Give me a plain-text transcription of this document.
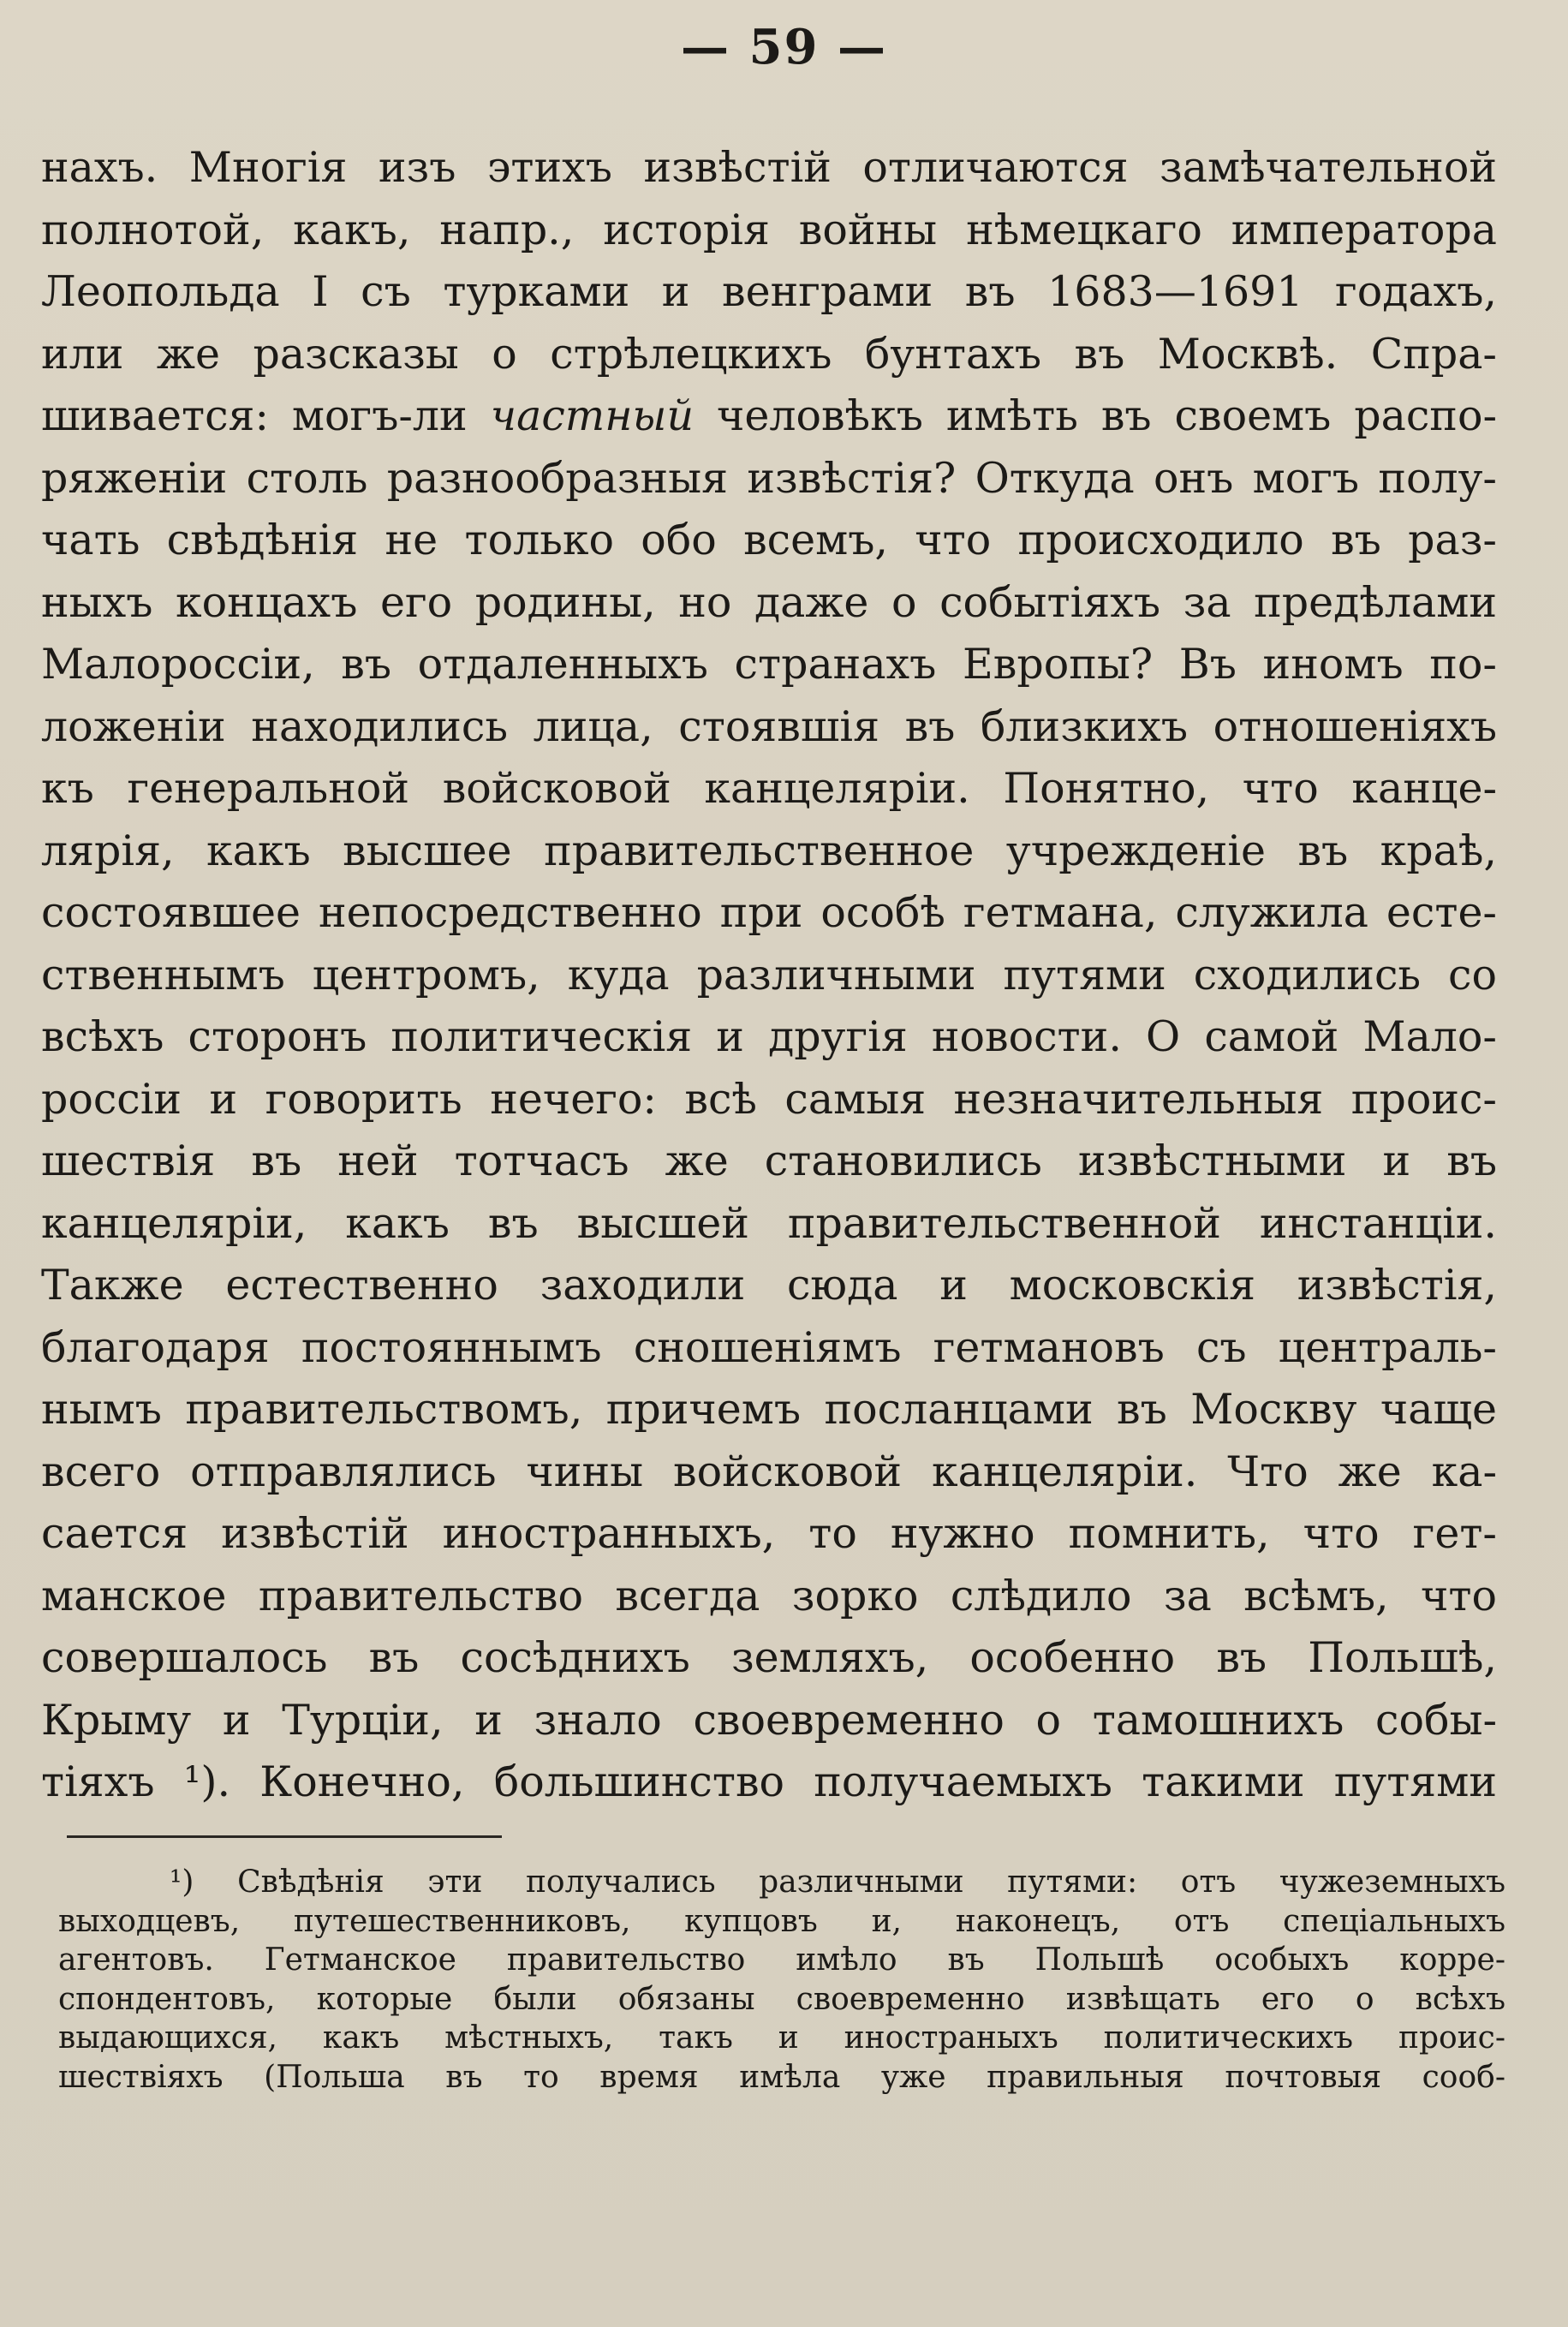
— 59 —
нахъ. Многія изъ этихъ извѣстій отличаются замѣчательной
полнотой, какъ, напр., исторія войны нѣмецкаго императора
Леопольда I съ турками и венграми въ 1683—1691 годахъ,
или же разсказы о стрѣлецкихъ бунтахъ въ Москвѣ. Спра-
шивается: могъ-ли частный человѣкъ имѣть въ своемъ распо-
ряженіи столь разнообразныя извѣстія? Откуда онъ могъ полу-
чать свѣдѣнія не только обо всемъ, что происходило въ раз-
ныхъ концахъ его родины, но даже о событіяхъ за предѣлами
Малороссіи, въ отдаленныхъ странахъ Европы? Въ иномъ по-
ложеніи находились лица, стоявшія въ близкихъ отношеніяхъ
къ генеральной войсковой канцеляріи. Понятно, что канце-
лярія, какъ высшее правительственное учрежденіе въ краѣ,
состоявшее непосредственно при особѣ гетмана, служила есте-
ственнымъ центромъ, куда различными путями сходились со
всѣхъ сторонъ политическія и другія новости. О самой Мало-
россіи и говорить нечего: всѣ самыя незначительныя проис-
шествія въ ней тотчасъ же становились извѣстными и въ
канцеляріи, какъ въ высшей правительственной инстанціи.
Также естественно заходили сюда и московскія извѣстія,
благодаря постояннымъ сношеніямъ гетмановъ съ централь-
нымъ правительствомъ, причемъ посланцами въ Москву чаще
всего отправлялись чины войсковой канцеляріи. Что же ка-
сается извѣстій иностранныхъ, то нужно помнить, что гет-
манское правительство всегда зорко слѣдило за всѣмъ, что
совершалось въ сосѣднихъ земляхъ, особенно въ Польшѣ,
Крыму и Турціи, и знало своевременно о тамошнихъ собы-
тіяхъ ¹). Конечно, большинство получаемыхъ такими путями
¹) Свѣдѣнія эти получались различными путями: отъ чужеземныхъ
выходцевъ, путешественниковъ, купцовъ и, наконецъ, отъ спеціальныхъ
агентовъ. Гетманское правительство имѣло въ Польшѣ особыхъ корре-
спондентовъ, которые были обязаны своевременно извѣщать его о всѣхъ
выдающихся, какъ мѣстныхъ, такъ и иностраныхъ политическихъ проис-
шествіяхъ (Польша въ то время имѣла уже правильныя почтовыя сооб-
